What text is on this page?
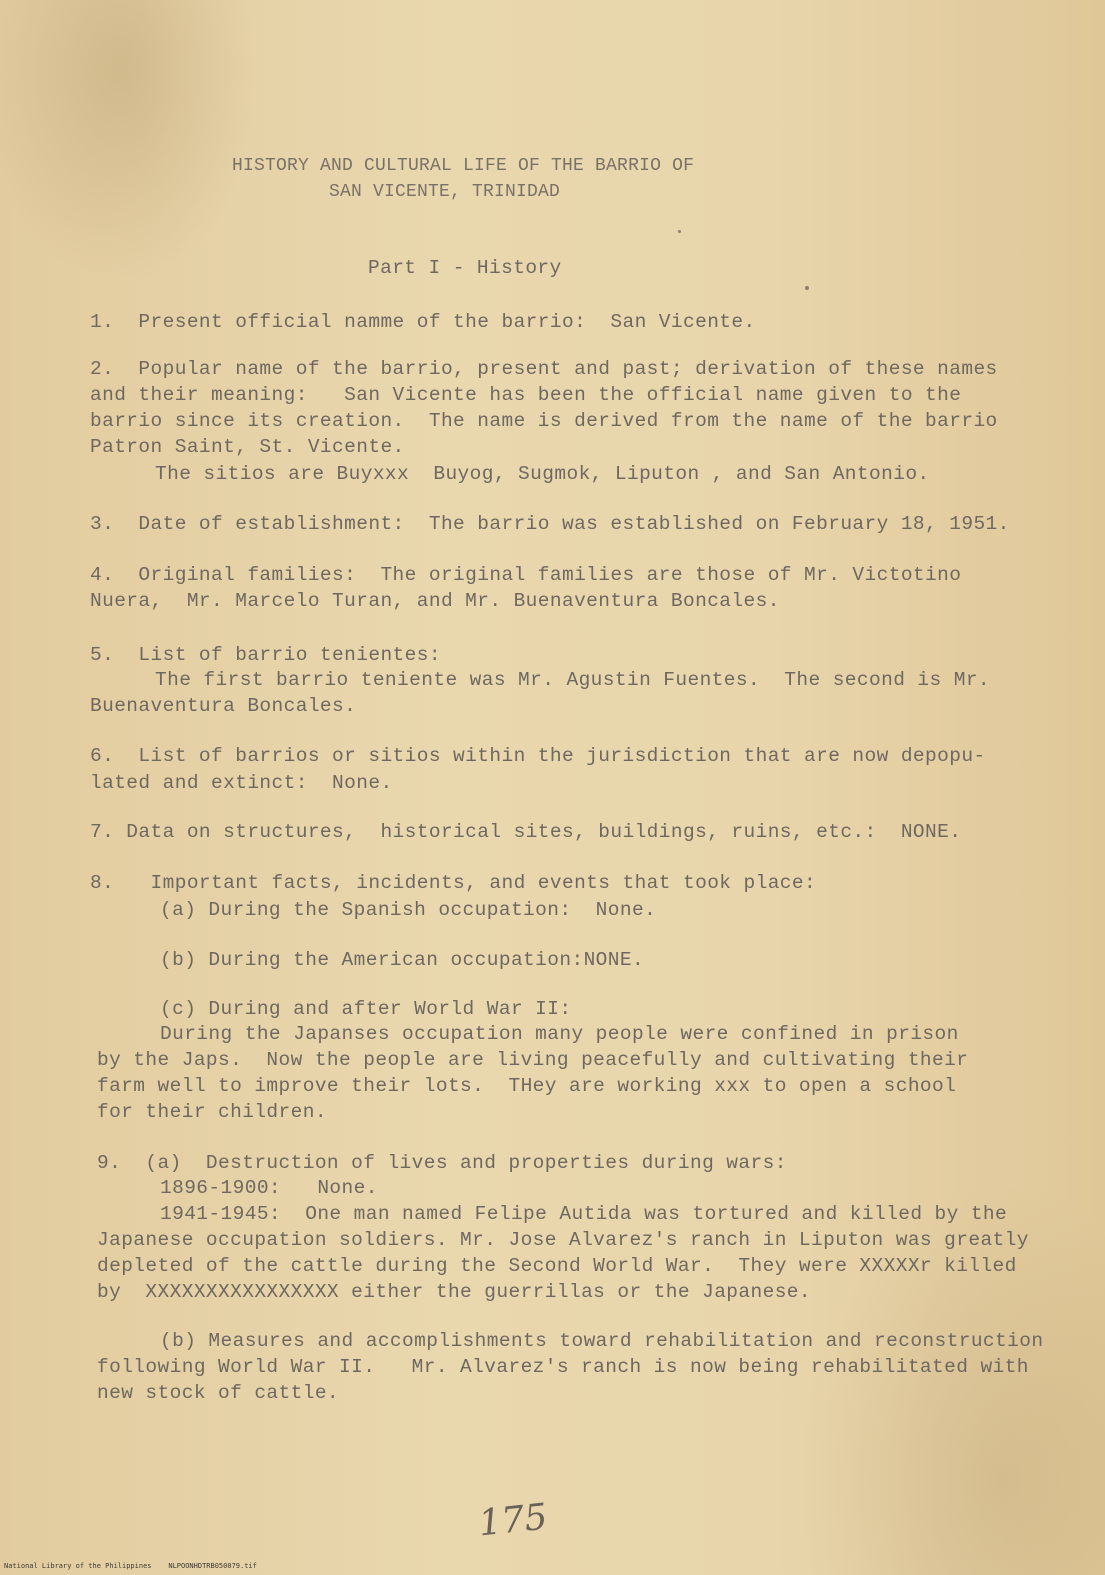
HISTORY AND CULTURAL LIFE OF THE BARRIO OF
SAN VICENTE, TRINIDAD
Part I - History
1.  Present official namme of the barrio:  San Vicente.
2.  Popular name of the barrio, present and past; derivation of these names
and their meaning:   San Vicente has been the official name given to the
barrio since its creation.  The name is derived from the name of the barrio
Patron Saint, St. Vicente.
The sitios are Buyxxx  Buyog, Sugmok, Liputon , and San Antonio.
3.  Date of establishment:  The barrio was established on February 18, 1951.
4.  Original families:  The original families are those of Mr. Victotino
Nuera,  Mr. Marcelo Turan, and Mr. Buenaventura Boncales.
5.  List of barrio tenientes:
The first barrio teniente was Mr. Agustin Fuentes.  The second is Mr.
Buenaventura Boncales.
6.  List of barrios or sitios within the jurisdiction that are now depopu-
lated and extinct:  None.
7. Data on structures,  historical sites, buildings, ruins, etc.:  NONE.
8.   Important facts, incidents, and events that took place:
(a) During the Spanish occupation:  None.
(b) During the American occupation:NONE.
(c) During and after World War II:
During the Japanses occupation many people were confined in prison
by the Japs.  Now the people are living peacefully and cultivating their
farm well to improve their lots.  THey are working xxx to open a school
for their children.
9.  (a)  Destruction of lives and properties during wars:
1896-1900:   None.
1941-1945:  One man named Felipe Autida was tortured and killed by the
Japanese occupation soldiers. Mr. Jose Alvarez's ranch in Liputon was greatly
depleted of the cattle during the Second World War.  They were XXXXXr killed
by  XXXXXXXXXXXXXXXX either the guerrillas or the Japanese.
(b) Measures and accomplishments toward rehabilitation and reconstruction
following World War II.   Mr. Alvarez's ranch is now being rehabilitated with
new stock of cattle.
175
National Library of the Philippines    NLPOONHDTRB050079.tif
